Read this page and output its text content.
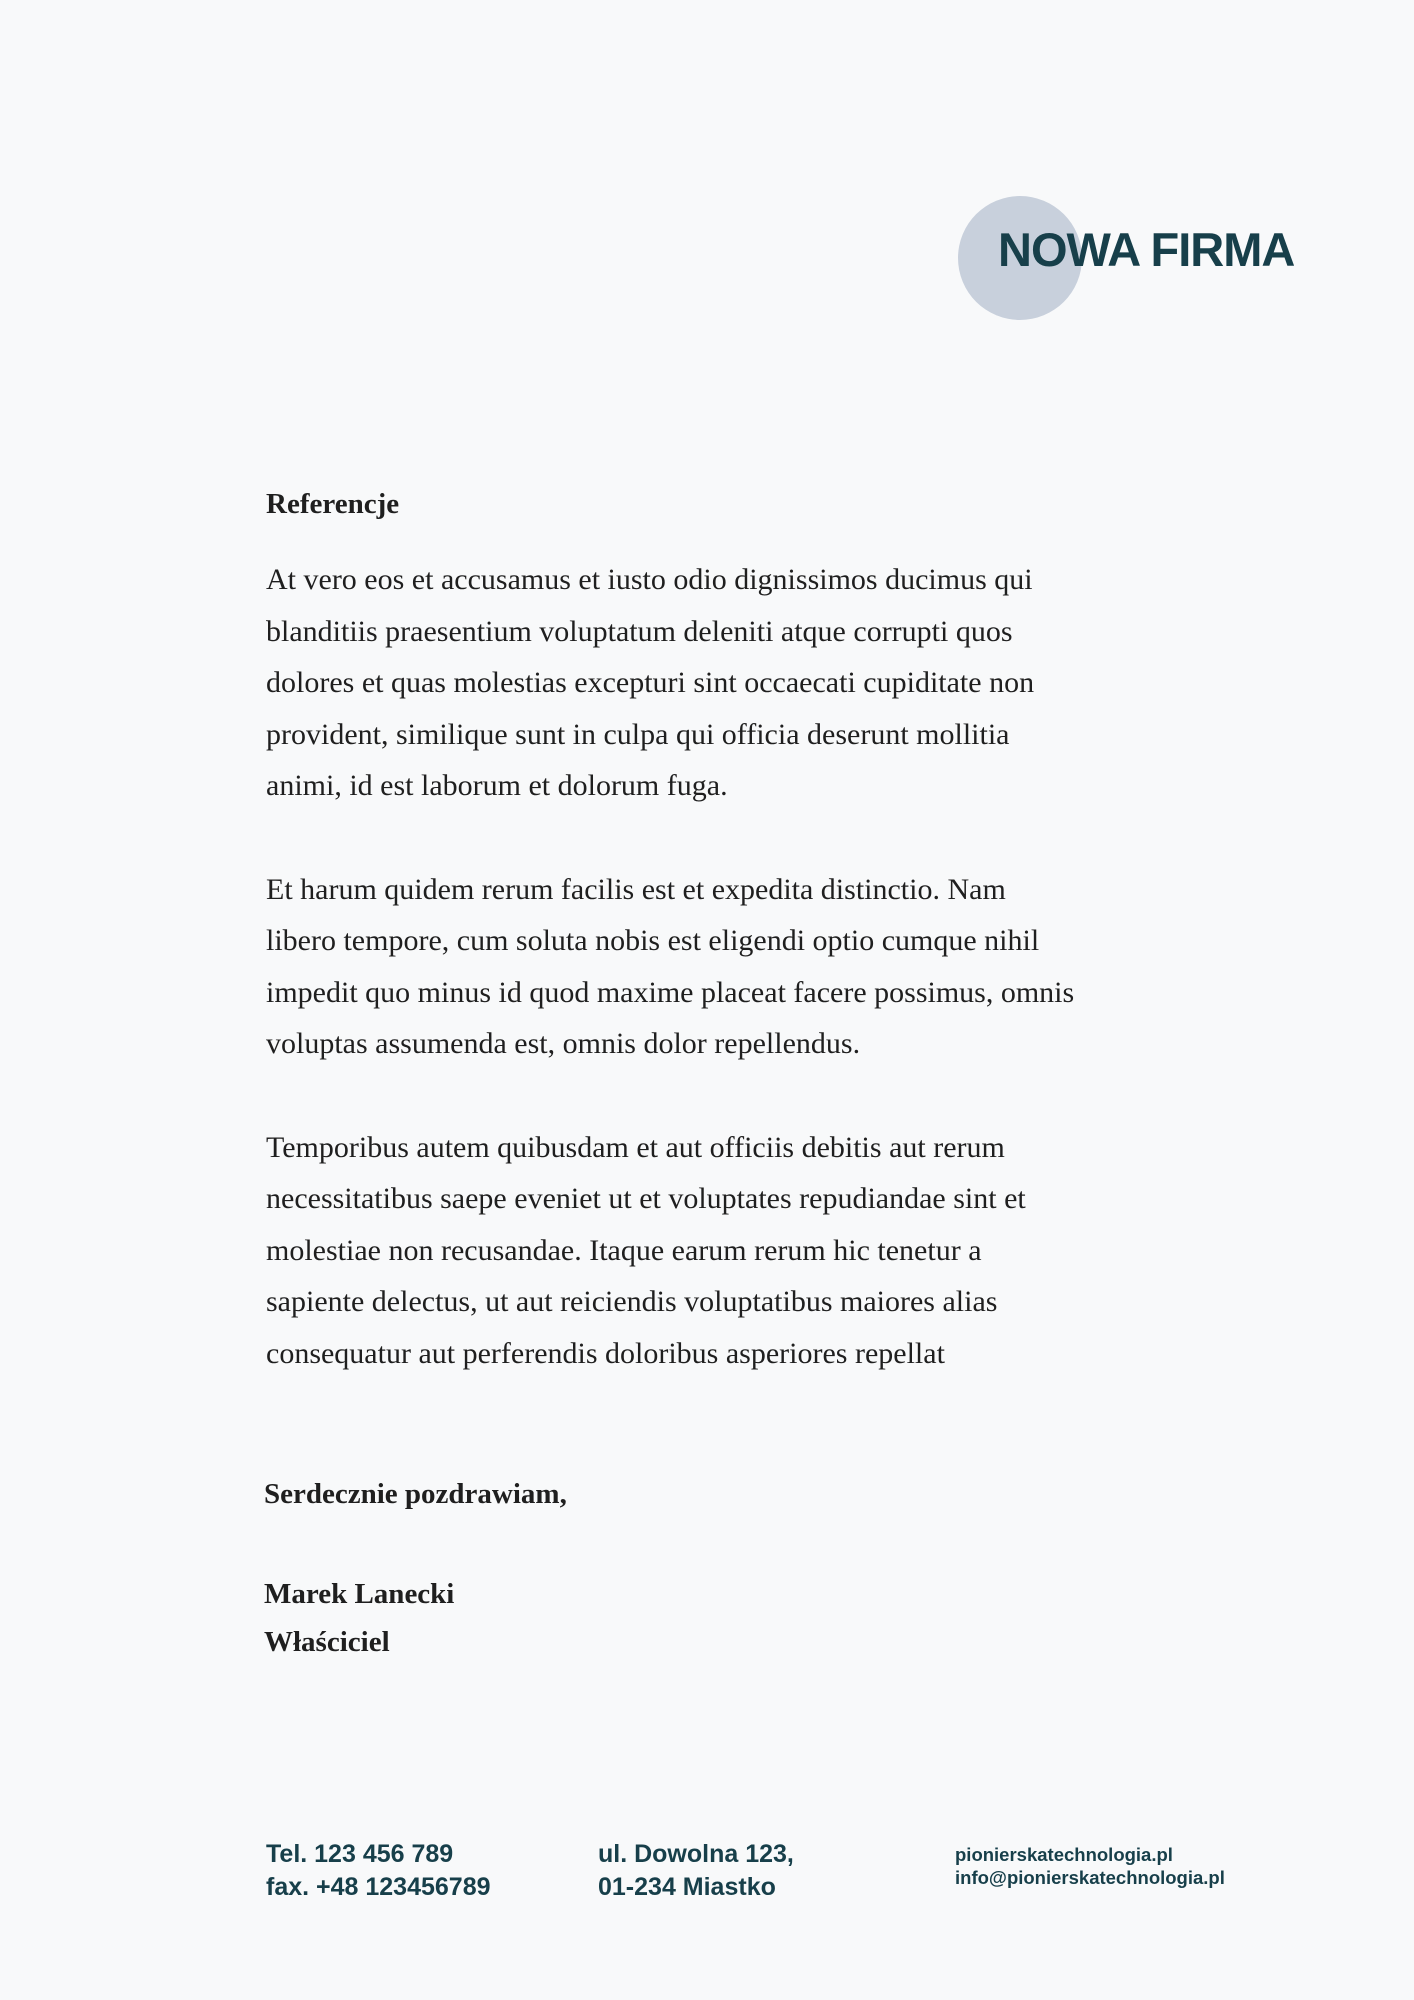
NOWA FIRMA
Referencje

At vero eos et accusamus et iusto odio dignissimos ducimus qui
blanditiis praesentium voluptatum deleniti atque corrupti quos
dolores et quas molestias excepturi sint occaecati cupiditate non
provident, similique sunt in culpa qui officia deserunt mollitia
animi, id est laborum et dolorum fuga.

Et harum quidem rerum facilis est et expedita distinctio. Nam
libero tempore, cum soluta nobis est eligendi optio cumque nihil
impedit quo minus id quod maxime placeat facere possimus, omnis
voluptas assumenda est, omnis dolor repellendus.

Temporibus autem quibusdam et aut officiis debitis aut rerum
necessitatibus saepe eveniet ut et voluptates repudiandae sint et
molestiae non recusandae. Itaque earum rerum hic tenetur a
sapiente delectus, ut aut reiciendis voluptatibus maiores alias
consequatur aut perferendis doloribus asperiores repellat

Serdecznie pozdrawiam,
Marek Lanecki
Właściciel
Tel. 123 456 789
fax. +48 123456789
ul. Dowolna 123,
01-234 Miastko
pionierskatechnologia.pl
info@pionierskatechnologia.pl
